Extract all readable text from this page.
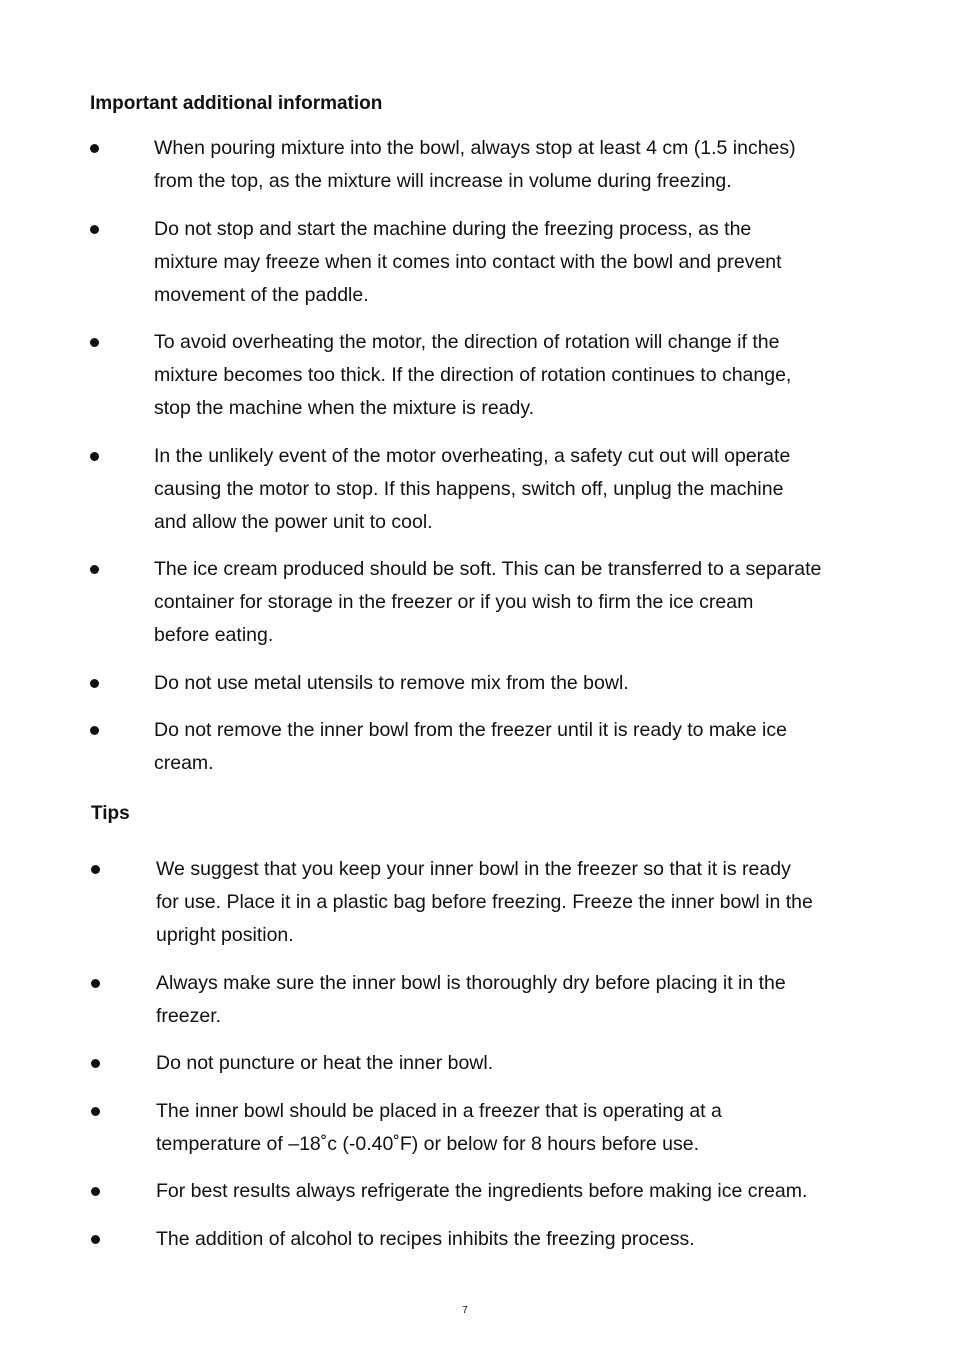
Important additional information
When pouring mixture into the bowl, always stop at least 4 cm (1.5 inches)
from the top, as the mixture will increase in volume during freezing.
Do not stop and start the machine during the freezing process, as the
mixture may freeze when it comes into contact with the bowl and prevent
movement of the paddle.
To avoid overheating the motor, the direction of rotation will change if the
mixture becomes too thick. If the direction of rotation continues to change,
stop the machine when the mixture is ready.
In the unlikely event of the motor overheating, a safety cut out will operate
causing the motor to stop. If this happens, switch off, unplug the machine
and allow the power unit to cool.
The ice cream produced should be soft. This can be transferred to a separate
container for storage in the freezer or if you wish to firm the ice cream
before eating.
Do not use metal utensils to remove mix from the bowl.
Do not remove the inner bowl from the freezer until it is ready to make ice
cream.
Tips
We suggest that you keep your inner bowl in the freezer so that it is ready
for use. Place it in a plastic bag before freezing. Freeze the inner bowl in the
upright position.
Always make sure the inner bowl is thoroughly dry before placing it in the
freezer.
Do not puncture or heat the inner bowl.
The inner bowl should be placed in a freezer that is operating at a
temperature of –18˚c (-0.40˚F) or below for 8 hours before use.
For best results always refrigerate the ingredients before making ice cream.
The addition of alcohol to recipes inhibits the freezing process.
7
